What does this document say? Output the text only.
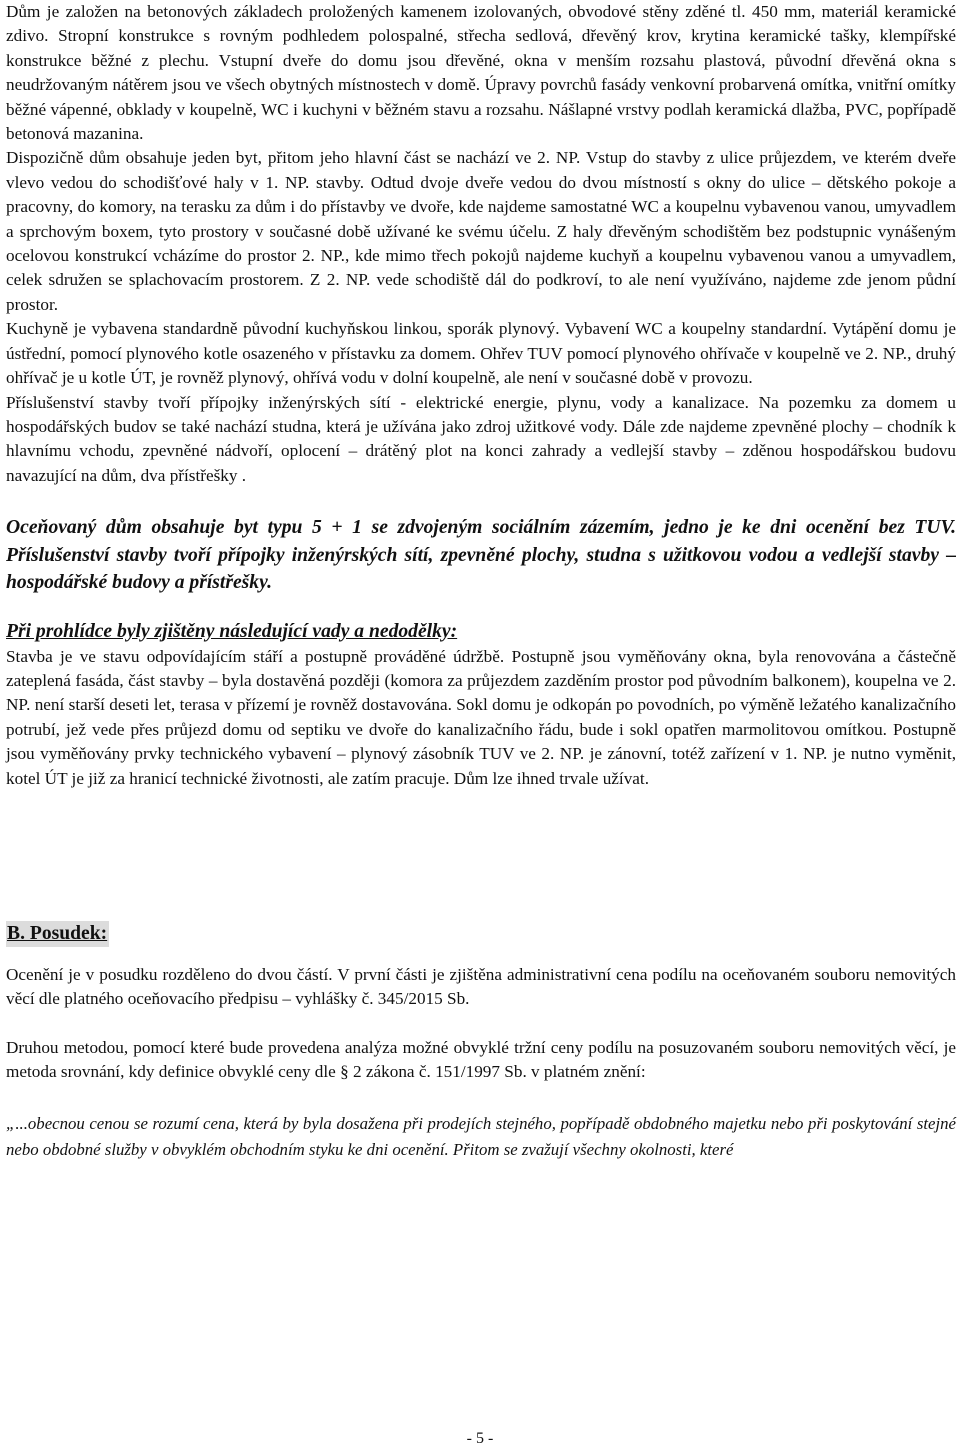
Dům je založen na betonových základech proložených kamenem izolovaných, obvodové stěny zděné tl. 450 mm, materiál keramické zdivo. Stropní konstrukce s rovným podhledem polospalné, střecha sedlová, dřevěný krov, krytina keramické tašky, klempířské konstrukce běžné z plechu. Vstupní dveře do domu jsou dřevěné, okna v menším rozsahu plastová, původní dřevěná okna s neudržovaným nátěrem jsou ve všech obytných místnostech v domě. Úpravy povrchů fasády venkovní probarvená omítka, vnitřní omítky běžné vápenné, obklady v koupelně, WC i kuchyni v běžném stavu a rozsahu. Nášlapné vrstvy podlah keramická dlažba, PVC, popřípadě betonová mazanina.

Dispozičně dům obsahuje jeden byt, přitom jeho hlavní část se nachází ve 2. NP. Vstup do stavby z ulice průjezdem, ve kterém dveře vlevo vedou do schodišťové haly v 1. NP. stavby. Odtud dvoje dveře vedou do dvou místností s okny do ulice – dětského pokoje a pracovny, do komory, na terasku za dům i do přístavby ve dvoře, kde najdeme samostatné WC a koupelnu vybavenou vanou, umyvadlem a sprchovým boxem, tyto prostory v současné době užívané ke svému účelu. Z haly dřevěným schodištěm bez podstupnic vynášeným ocelovou konstrukcí vcházíme do prostor 2. NP., kde mimo třech pokojů najdeme kuchyň a koupelnu vybavenou vanou a umyvadlem, celek sdružen se splachovacím prostorem. Z 2. NP. vede schodiště dál do podkroví, to ale není využíváno, najdeme zde jenom půdní prostor.

Kuchyně je vybavena standardně původní kuchyňskou linkou, sporák plynový. Vybavení WC a koupelny standardní. Vytápění domu je ústřední, pomocí plynového kotle osazeného v přístavku za domem. Ohřev TUV pomocí plynového ohřívače v koupelně ve 2. NP., druhý ohřívač je u kotle ÚT, je rovněž plynový, ohřívá vodu v dolní koupelně, ale není v současné době v provozu.

Příslušenství stavby tvoří přípojky inženýrských sítí - elektrické energie, plynu, vody a kanalizace. Na pozemku za domem u hospodářských budov se také nachází studna, která je užívána jako zdroj užitkové vody. Dále zde najdeme zpevněné plochy – chodník k hlavnímu vchodu, zpevněné nádvoří, oplocení – drátěný plot na konci zahrady a vedlejší stavby – zděnou hospodářskou budovu navazující na dům, dva přístřešky .

Oceňovaný dům obsahuje byt typu 5 + 1 se zdvojeným sociálním zázemím, jedno je ke dni ocenění bez TUV. Příslušenství stavby tvoří přípojky inženýrských sítí, zpevněné plochy, studna s užitkovou vodou a vedlejší stavby – hospodářské budovy a přístřešky.

Při prohlídce byly zjištěny následující vady a nedodělky:

Stavba je ve stavu odpovídajícím stáří a postupně prováděné údržbě. Postupně jsou vyměňovány okna, byla renovována a částečně zateplená fasáda, část stavby – byla dostavěná později (komora za průjezdem zazděním prostor pod původním balkonem), koupelna ve 2. NP. není starší deseti let, terasa v přízemí je rovněž dostavována. Sokl domu je odkopán po povodních, po výměně ležatého kanalizačního potrubí, jež vede přes průjezd domu od septiku ve dvoře do kanalizačního řádu, bude i sokl opatřen marmolitovou omítkou. Postupně jsou vyměňovány prvky technického vybavení – plynový zásobník TUV ve 2. NP. je zánovní, totéž zařízení v 1. NP. je nutno vyměnit, kotel ÚT je již za hranicí technické životnosti, ale zatím pracuje. Dům lze ihned trvale užívat.

B. Posudek:

Ocenění je v posudku rozděleno do dvou částí. V první části je zjištěna administrativní cena podílu na oceňovaném souboru nemovitých věcí dle platného oceňovacího předpisu – vyhlášky č. 345/2015 Sb.

Druhou metodou, pomocí které bude provedena analýza možné obvyklé tržní ceny podílu na posuzovaném souboru nemovitých věcí, je metoda srovnání, kdy definice obvyklé ceny dle § 2 zákona č. 151/1997 Sb. v platném znění:

„...obecnou cenou se rozumí cena, která by byla dosažena při prodejích stejného, popřípadě obdobného majetku nebo při poskytování stejné nebo obdobné služby v obvyklém obchodním styku ke dni ocenění. Přitom se zvažují všechny okolnosti, které

- 5 -
